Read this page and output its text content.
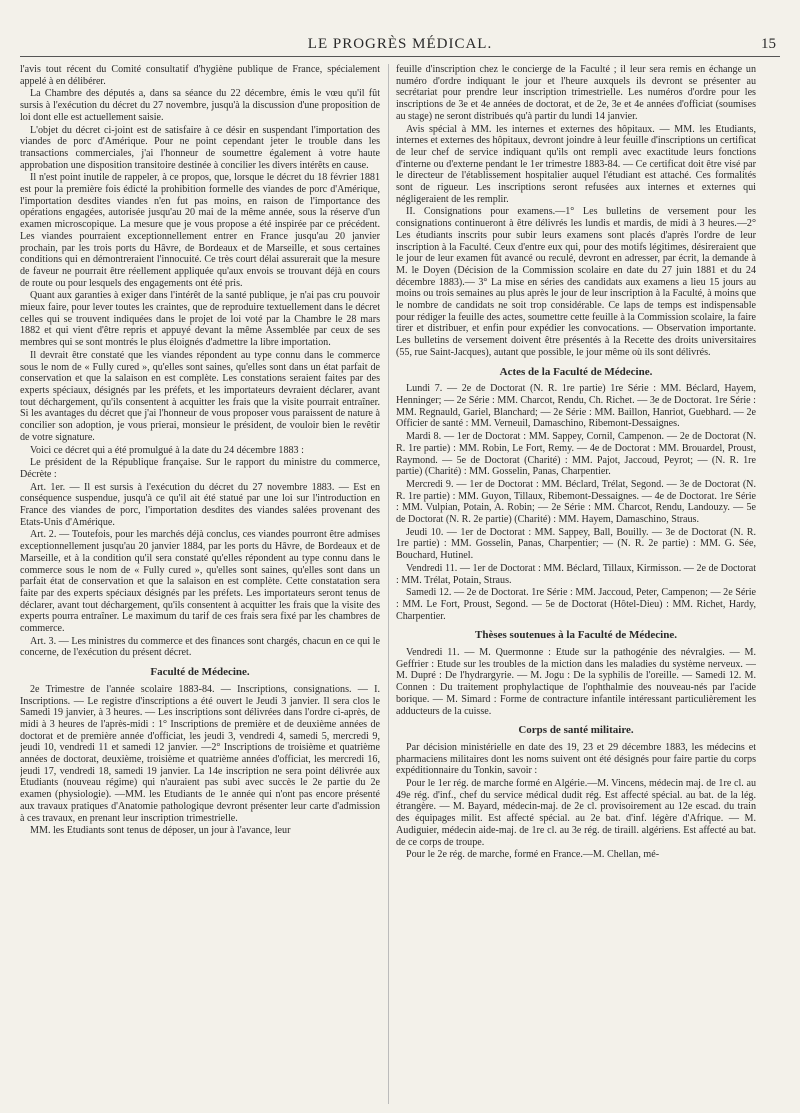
LE PROGRÈS MÉDICAL.	15

l'avis tout récent du Comité consultatif d'hygiène publique de France, spécialement appelé à en délibérer.

La Chambre des députés a, dans sa séance du 22 décembre, émis le vœu qu'il fût sursis à l'exécution du décret du 27 novembre, jusqu'à la discussion d'une proposition de loi dont elle est actuellement saisie.

L'objet du décret ci-joint est de satisfaire à ce désir en suspendant l'importation des viandes de porc d'Amérique. Pour ne point cependant jeter le trouble dans les transactions commerciales, j'ai l'honneur de soumettre également à votre haute approbation une disposition transitoire destinée à concilier les divers intérêts en cause.

Il n'est point inutile de rappeler, à ce propos, que, lorsque le décret du 18 février 1881 est pour la première fois édicté la prohibition formelle des viandes de porc d'Amérique, l'importation desdites viandes n'en fut pas moins, en raison de l'importance des opérations engagées, autorisée jusqu'au 20 mai de la même année, sous la réserve d'un examen microscopique. La mesure que je vous propose a été inspirée par ce précédent. Les viandes pourraient exceptionnellement entrer en France jusqu'au 20 janvier prochain, par les trois ports du Hâvre, de Bordeaux et de Marseille, et sous certaines conditions qui en démontreraient l'innocuité. Ce très court délai assurerait que la mesure de faveur ne pourrait être réellement appliquée qu'aux envois se trouvant déjà en cours de route ou pour lesquels des engagements ont été pris.

Quant aux garanties à exiger dans l'intérêt de la santé publique, je n'ai pas cru pouvoir mieux faire, pour lever toutes les craintes, que de reproduire textuellement dans le décret celles qui se trouvent indiquées dans le projet de loi voté par la Chambre le 28 mars 1882 et qui vient d'être repris et appuyé devant la même Assemblée par ceux de ses membres qui se sont montrés le plus éloignés d'admettre la libre importation.

Il devrait être constaté que les viandes répondent au type connu dans le commerce sous le nom de « Fully cured », qu'elles sont saines, qu'elles sont dans un état parfait de conservation et que la salaison en est complète. Les constations seraient faites par des experts spéciaux, désignés par les préfets, et les importateurs devraient déclarer, avant tout déchargement, qu'ils consentent à acquitter les frais que la visite pourrait entraîner. Si les avantages du décret que j'ai l'honneur de vous proposer vous paraissent de nature à concilier son adoption, je vous prierai, monsieur le président, de vouloir bien le revêtir de votre signature.

Voici ce décret qui a été promulgué à la date du 24 décembre 1883 :

Le président de la République française. Sur le rapport du ministre du commerce, Décrète :

Art. 1er. — Il est sursis à l'exécution du décret du 27 novembre 1883. — Est en conséquence suspendue, jusqu'à ce qu'il ait été statué par une loi sur l'introduction en France des viandes de porc, l'importation desdites des viandes salées provenant des Etats-Unis d'Amérique.

Art. 2. — Toutefois, pour les marchés déjà conclus, ces viandes pourront être admises exceptionnellement jusqu'au 20 janvier 1884, par les ports du Hâvre, de Bordeaux et de Marseille, et à la condition qu'il sera constaté qu'elles répondent au type connu dans le commerce sous le nom de « Fully cured », qu'elles sont saines, qu'elles sont dans un parfait état de conservation et que la salaison en est complète. Cette constatation sera faite par des experts spéciaux désignés par les préfets. Les importateurs seront tenus de déclarer, avant tout déchargement, qu'ils consentent à acquitter les frais que la visite des experts pourra entraîner. Le maximum du tarif de ces frais sera fixé par les chambres de commerce.

Art. 3. — Les ministres du commerce et des finances sont chargés, chacun en ce qui le concerne, de l'exécution du présent décret.

Faculté de Médecine.

2e Trimestre de l'année scolaire 1883-84. — Inscriptions, consignations. — I. Inscriptions. — Le registre d'inscriptions a été ouvert le Jeudi 3 janvier. Il sera clos le Samedi 19 janvier, à 3 heures. — Les inscriptions sont délivrées dans l'ordre ci-après, de midi à 3 heures de l'après-midi : 1° Inscriptions de première et de deuxième années de doctorat et de première année d'officiat, les jeudi 3, vendredi 4, samedi 5, mercredi 9, jeudi 10, vendredi 11 et samedi 12 janvier. —2° Inscriptions de troisième et quatrième années de doctorat, deuxième, troisième et quatrième années d'officiat, les mercredi 16, jeudi 17, vendredi 18, samedi 19 janvier. La 14e inscription ne sera point délivrée aux Etudiants (nouveau régime) qui n'auraient pas subi avec succès le 2e partie du 2e examen (physiologie). —MM. les Etudiants de 1e année qui n'ont pas encore présenté aux travaux pratiques d'Anatomie pathologique devront présenter leur carte d'admission à ces travaux, en prenant leur inscription trimestrielle.

MM. les Etudiants sont tenus de déposer, un jour à l'avance, leur

feuille d'inscription chez le concierge de la Faculté ; il leur sera remis en échange un numéro d'ordre indiquant le jour et l'heure auxquels ils devront se présenter au secrétariat pour prendre leur inscription trimestrielle. Les numéros d'ordre pour les inscriptions de 3e et 4e années de doctorat, et de 2e, 3e et 4e années d'officiat (soumises au stage) ne seront distribués qu'à partir du lundi 14 janvier.

Avis spécial à MM. les internes et externes des hôpitaux. — MM. les Etudiants, internes et externes des hôpitaux, devront joindre à leur feuille d'inscriptions un certificat de leur chef de service indiquant qu'ils ont rempli avec exactitude leurs fonctions d'interne ou d'externe pendant le 1er trimestre 1883-84. — Ce certificat doit être visé par le directeur de l'établissement hospitalier auquel l'étudiant est attaché. Ces formalités sont de rigueur. Les inscriptions seront refusées aux internes et externes qui négligeraient de les remplir.

II. Consignations pour examens.—1° Les bulletins de versement pour les consignations continueront à être délivrés les lundis et mardis, de midi à 3 heures.—2° Les étudiants inscrits pour subir leurs examens sont placés d'après l'ordre de leur inscription à la Faculté. Ceux d'entre eux qui, pour des motifs légitimes, désireraient que le jour de leur examen fût avancé ou reculé, devront en adresser, par écrit, la demande à M. le Doyen (Décision de la Commission scolaire en date du 27 juin 1881 et du 24 décembre 1883).— 3° La mise en séries des candidats aux examens a lieu 15 jours au moins ou trois semaines au plus après le jour de leur inscription à la Faculté, à moins que le nombre de candidats ne soit trop considérable. Ce laps de temps est indispensable pour rédiger la feuille des actes, soumettre cette feuille à la Commission scolaire, la faire tirer et distribuer, et enfin pour expédier les convocations. — Observation importante. Les bulletins de versement doivent être présentés à la Recette des droits universitaires (55, rue Saint-Jacques), autant que possible, le jour même où ils sont délivrés.

Actes de la Faculté de Médecine.

Lundi 7. — 2e de Doctorat (N. R. 1re partie) 1re Série : MM. Béclard, Hayem, Henninger; — 2e Série : MM. Charcot, Rendu, Ch. Richet. — 3e de Doctorat. 1re Série : MM. Regnauld, Gariel, Blanchard; — 2e Série : MM. Baillon, Hanriot, Guebhard. — 2e Officier de santé : MM. Verneuil, Damaschino, Ribemont-Dessaignes.

Mardi 8. — 1er de Doctorat : MM. Sappey, Cornil, Campenon. — 2e de Doctorat (N. R. 1re partie) : MM. Robin, Le Fort, Remy. — 4e de Doctorat : MM. Brouardel, Proust, Raymond. — 5e de Doctorat (Charité) : MM. Pajot, Jaccoud, Peyrot; — (N. R. 1re partie) (Charité) : MM. Gosselin, Panas, Charpentier.

Mercredi 9. — 1er de Doctorat : MM. Béclard, Trélat, Segond. — 3e de Doctorat (N. R. 1re partie) : MM. Guyon, Tillaux, Ribemont-Dessaignes. — 4e de Doctorat. 1re Série : MM. Vulpian, Potain, A. Robin; — 2e Série : MM. Charcot, Rendu, Landouzy. — 5e de Doctorat (N. R. 2e partie) (Charité) : MM. Hayem, Damaschino, Straus.

Jeudi 10. — 1er de Doctorat : MM. Sappey, Ball, Bouilly. — 3e de Doctorat (N. R. 1re partie) : MM. Gosselin, Panas, Charpentier; — (N. R. 2e partie) : MM. G. Sée, Bouchard, Hutinel.

Vendredi 11. — 1er de Doctorat : MM. Béclard, Tillaux, Kirmisson. — 2e de Doctorat : MM. Trélat, Potain, Straus.

Samedi 12. — 2e de Doctorat. 1re Série : MM. Jaccoud, Peter, Campenon; — 2e Série : MM. Le Fort, Proust, Segond. — 5e de Doctorat (Hôtel-Dieu) : MM. Richet, Hardy, Charpentier.

Thèses soutenues à la Faculté de Médecine.

Vendredi 11. — M. Quermonne : Etude sur la pathogénie des névralgies. — M. Geffrier : Etude sur les troubles de la miction dans les maladies du système nerveux. — M. Dupré : De l'hydrargyrie. — M. Jogu : De la syphilis de l'oreille. — Samedi 12. M. Connen : Du traitement prophylactique de l'ophthalmie des nouveau-nés par l'acide borique. — M. Simard : Forme de contracture infantile intéressant particulièrement les adducteurs de la cuisse.

Corps de santé militaire.

Par décision ministérielle en date des 19, 23 et 29 décembre 1883, les médecins et pharmaciens militaires dont les noms suivent ont été désignés pour faire partie du corps expéditionnaire du Tonkin, savoir :

Pour le 1er rég. de marche formé en Algérie.—M. Vincens, médecin maj. de 1re cl. au 49e rég. d'inf., chef du service médical dudit rég. Est affecté spécial. au bat. de la lég. étrangère. — M. Bayard, médecin-maj. de 2e cl. provisoirement au 12e escad. du train des équipages milit. Est affecté spécial. au 2e bat. d'inf. légère d'Afrique. — M. Audiguier, médecin aide-maj. de 1re cl. au 3e rég. de tiraill. algériens. Est affecté au bat. de ce corps de troupe.

Pour le 2e rég. de marche, formé en France.—M. Chellan, mé-
